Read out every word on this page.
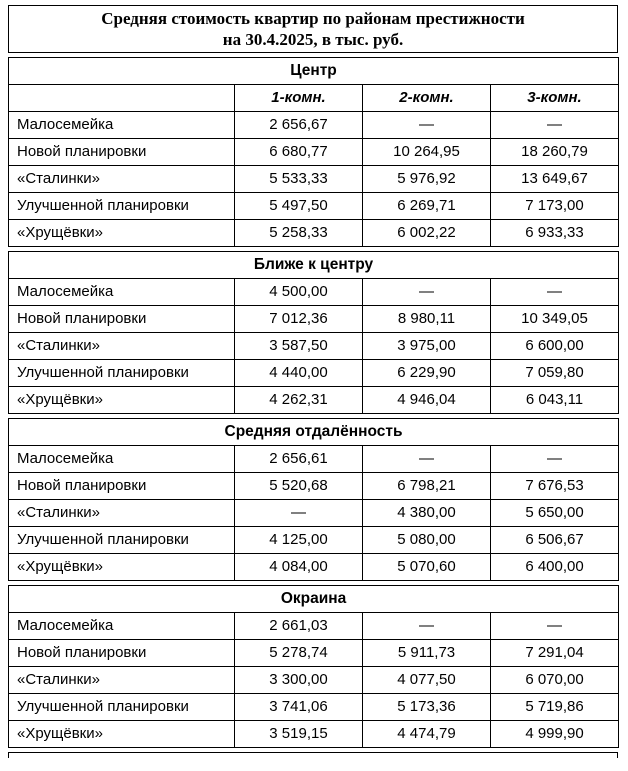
Средняя стоимость квартир по районам престижности
на 30.4.2025, в тыс. руб.
Центр			
	1-комн.	2-комн.	3-комн.
Малосемейка	2 656,67	—	—
Новой планировки	6 680,77	10 264,95	18 260,79
«Сталинки»	5 533,33	5 976,92	13 649,67
Улучшенной планировки	5 497,50	6 269,71	7 173,00
«Хрущёвки»	5 258,33	6 002,22	6 933,33
Ближе к центру			
Малосемейка	4 500,00	—	—
Новой планировки	7 012,36	8 980,11	10 349,05
«Сталинки»	3 587,50	3 975,00	6 600,00
Улучшенной планировки	4 440,00	6 229,90	7 059,80
«Хрущёвки»	4 262,31	4 946,04	6 043,11
Средняя отдалённость			
Малосемейка	2 656,61	—	—
Новой планировки	5 520,68	6 798,21	7 676,53
«Сталинки»	—	4 380,00	5 650,00
Улучшенной планировки	4 125,00	5 080,00	6 506,67
«Хрущёвки»	4 084,00	5 070,60	6 400,00
Окраина			
Малосемейка	2 661,03	—	—
Новой планировки	5 278,74	5 911,73	7 291,04
«Сталинки»	3 300,00	4 077,50	6 070,00
Улучшенной планировки	3 741,06	5 173,36	5 719,86
«Хрущёвки»	3 519,15	4 474,79	4 999,90
